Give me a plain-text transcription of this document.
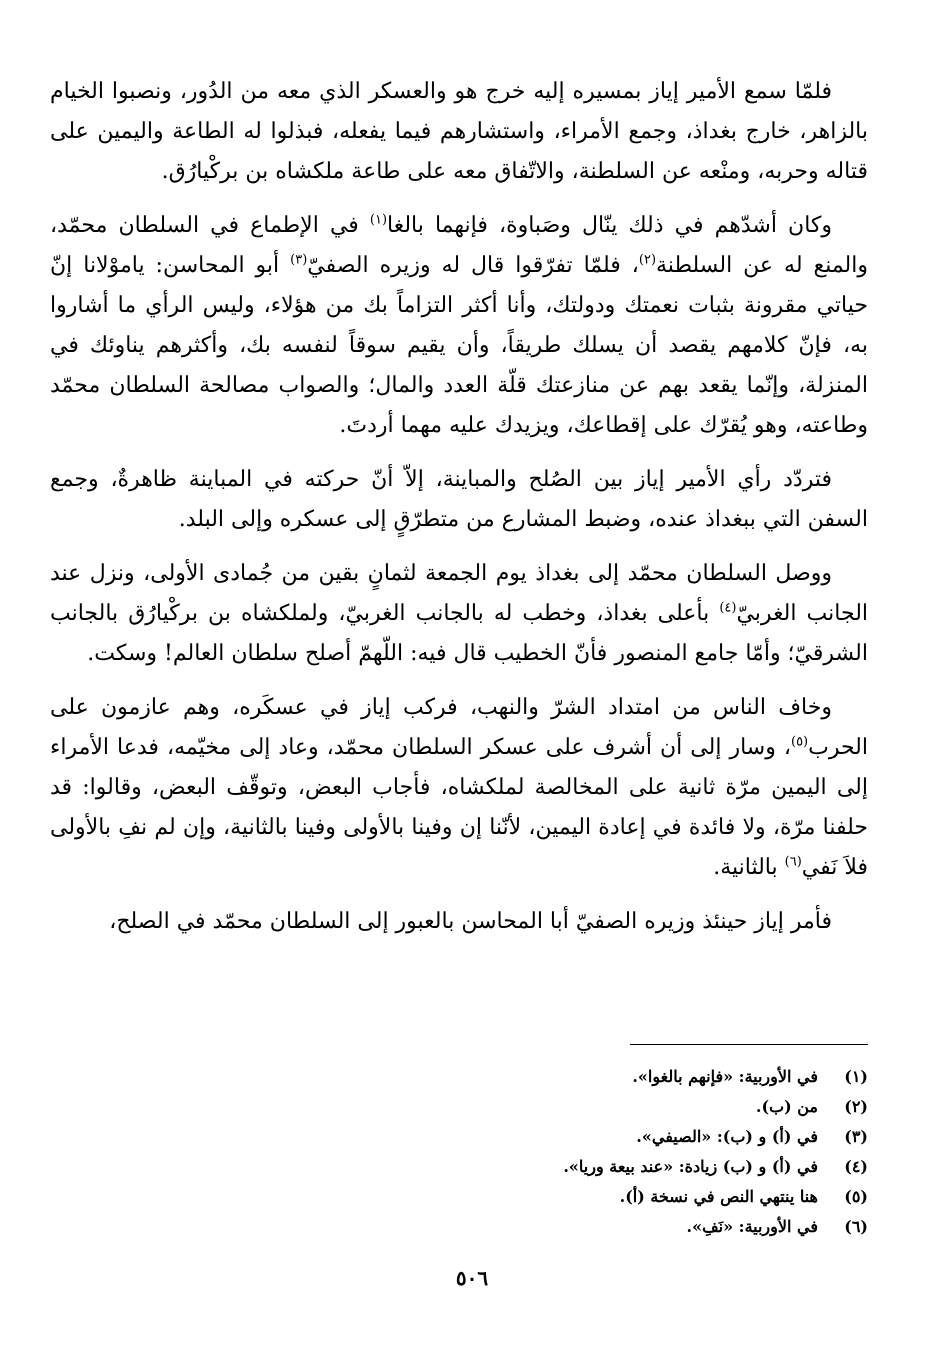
فلمّا سمع الأمير إياز بمسيره إليه خرج هو والعسكر الذي معه من الدُور، ونصبوا الخيام بالزاهر، خارج بغداذ، وجمع الأمراء، واستشارهم فيما يفعله، فبذلوا له الطاعة واليمين على قتاله وحربه، ومنْعه عن السلطنة، والاتّفاق معه على طاعة ملكشاه بن بركْيارُق.

وكان أشدّهم في ذلك ينّال وصَباوة، فإنهما بالغا$^{(١)}$ في الإطماع في السلطان محمّد، والمنع له عن السلطنة$^{(٢)}$، فلمّا تفرّقوا قال له وزيره الصفيّ$^{(٣)}$ أبو المحاسن: ياموْلانا إنّ حياتي مقرونة بثبات نعمتك ودولتك، وأنا أكثر التزاماً بك من هؤلاء، وليس الرأي ما أشاروا به، فإنّ كلامهم يقصد أن يسلك طريقاً، وأن يقيم سوقاً لنفسه بك، وأكثرهم يناوئك في المنزلة، وإنّما يقعد بهم عن منازعتك قلّة العدد والمال؛ والصواب مصالحة السلطان محمّد وطاعته، وهو يُقرّك على إقطاعك، ويزيدك عليه مهما أردتَ.

فتردّد رأي الأمير إياز بين الصُلح والمباينة، إلاّ أنّ حركته في المباينة ظاهرةٌ، وجمع السفن التي ببغداذ عنده، وضبط المشارع من متطرّقٍ إلى عسكره وإلى البلد.

ووصل السلطان محمّد إلى بغداذ يوم الجمعة لثمانٍ بقين من جُمادى الأولى، ونزل عند الجانب الغربيّ$^{(٤)}$ بأعلى بغداذ، وخطب له بالجانب الغربيّ، ولملكشاه بن بركْيارُق بالجانب الشرقيّ؛ وأمّا جامع المنصور فأنّ الخطيب قال فيه: اللّهمّ أصلح سلطان العالم! وسكت.

وخاف الناس من امتداد الشرّ والنهب، فركب إياز في عسكَره، وهم عازمون على الحرب$^{(٥)}$، وسار إلى أن أشرف على عسكر السلطان محمّد، وعاد إلى مخيّمه، فدعا الأمراء إلى اليمين مرّة ثانية على المخالصة لملكشاه، فأجاب البعض، وتوقّف البعض، وقالوا: قد حلفنا مرّة، ولا فائدة في إعادة اليمين، لأنّنا إن وفينا بالأولى وفينا بالثانية، وإن لم نفِ بالأولى فلاَ نَفي$^{(٦)}$ بالثانية.

فأمر إياز حينئذ وزيره الصفيّ أبا المحاسن بالعبور إلى السلطان محمّد في الصلح،

(١)في الأوربية: «فإنهم بالغوا».
(٢)من (ب).
(٣)في (أ) و (ب): «الصيفي».
(٤)في (أ) و (ب) زيادة: «عند بيعة وريا».
(٥)هنا ينتهي النص في نسخة (أ).
(٦)في الأوربية: «نَفِ».
٥٠٦
